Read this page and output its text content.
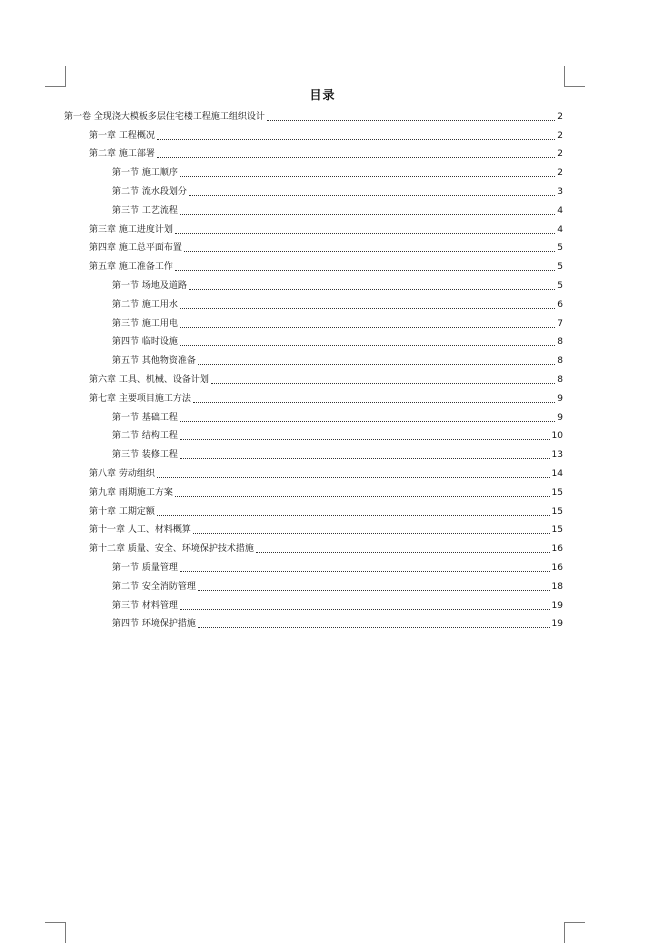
目录
第一卷 全现浇大模板多层住宅楼工程施工组织设计	2
第一章 工程概况	2
第二章 施工部署	2
第一节 施工顺序	2
第二节 流水段划分	3
第三节 工艺流程	4
第三章 施工进度计划	4
第四章 施工总平面布置	5
第五章 施工准备工作	5
第一节 场地及道路	5
第二节 施工用水	6
第三节 施工用电	7
第四节 临时设施	8
第五节 其他物资准备	8
第六章 工具、机械、设备计划	8
第七章 主要项目施工方法	9
第一节 基础工程	9
第二节 结构工程	10
第三节 装修工程	13
第八章 劳动组织	14
第九章 雨期施工方案	15
第十章 工期定额	15
第十一章 人工、材料概算	15
第十二章 质量、安全、环境保护技术措施	16
第一节 质量管理	16
第二节 安全消防管理	18
第三节 材料管理	19
第四节 环境保护措施	19
